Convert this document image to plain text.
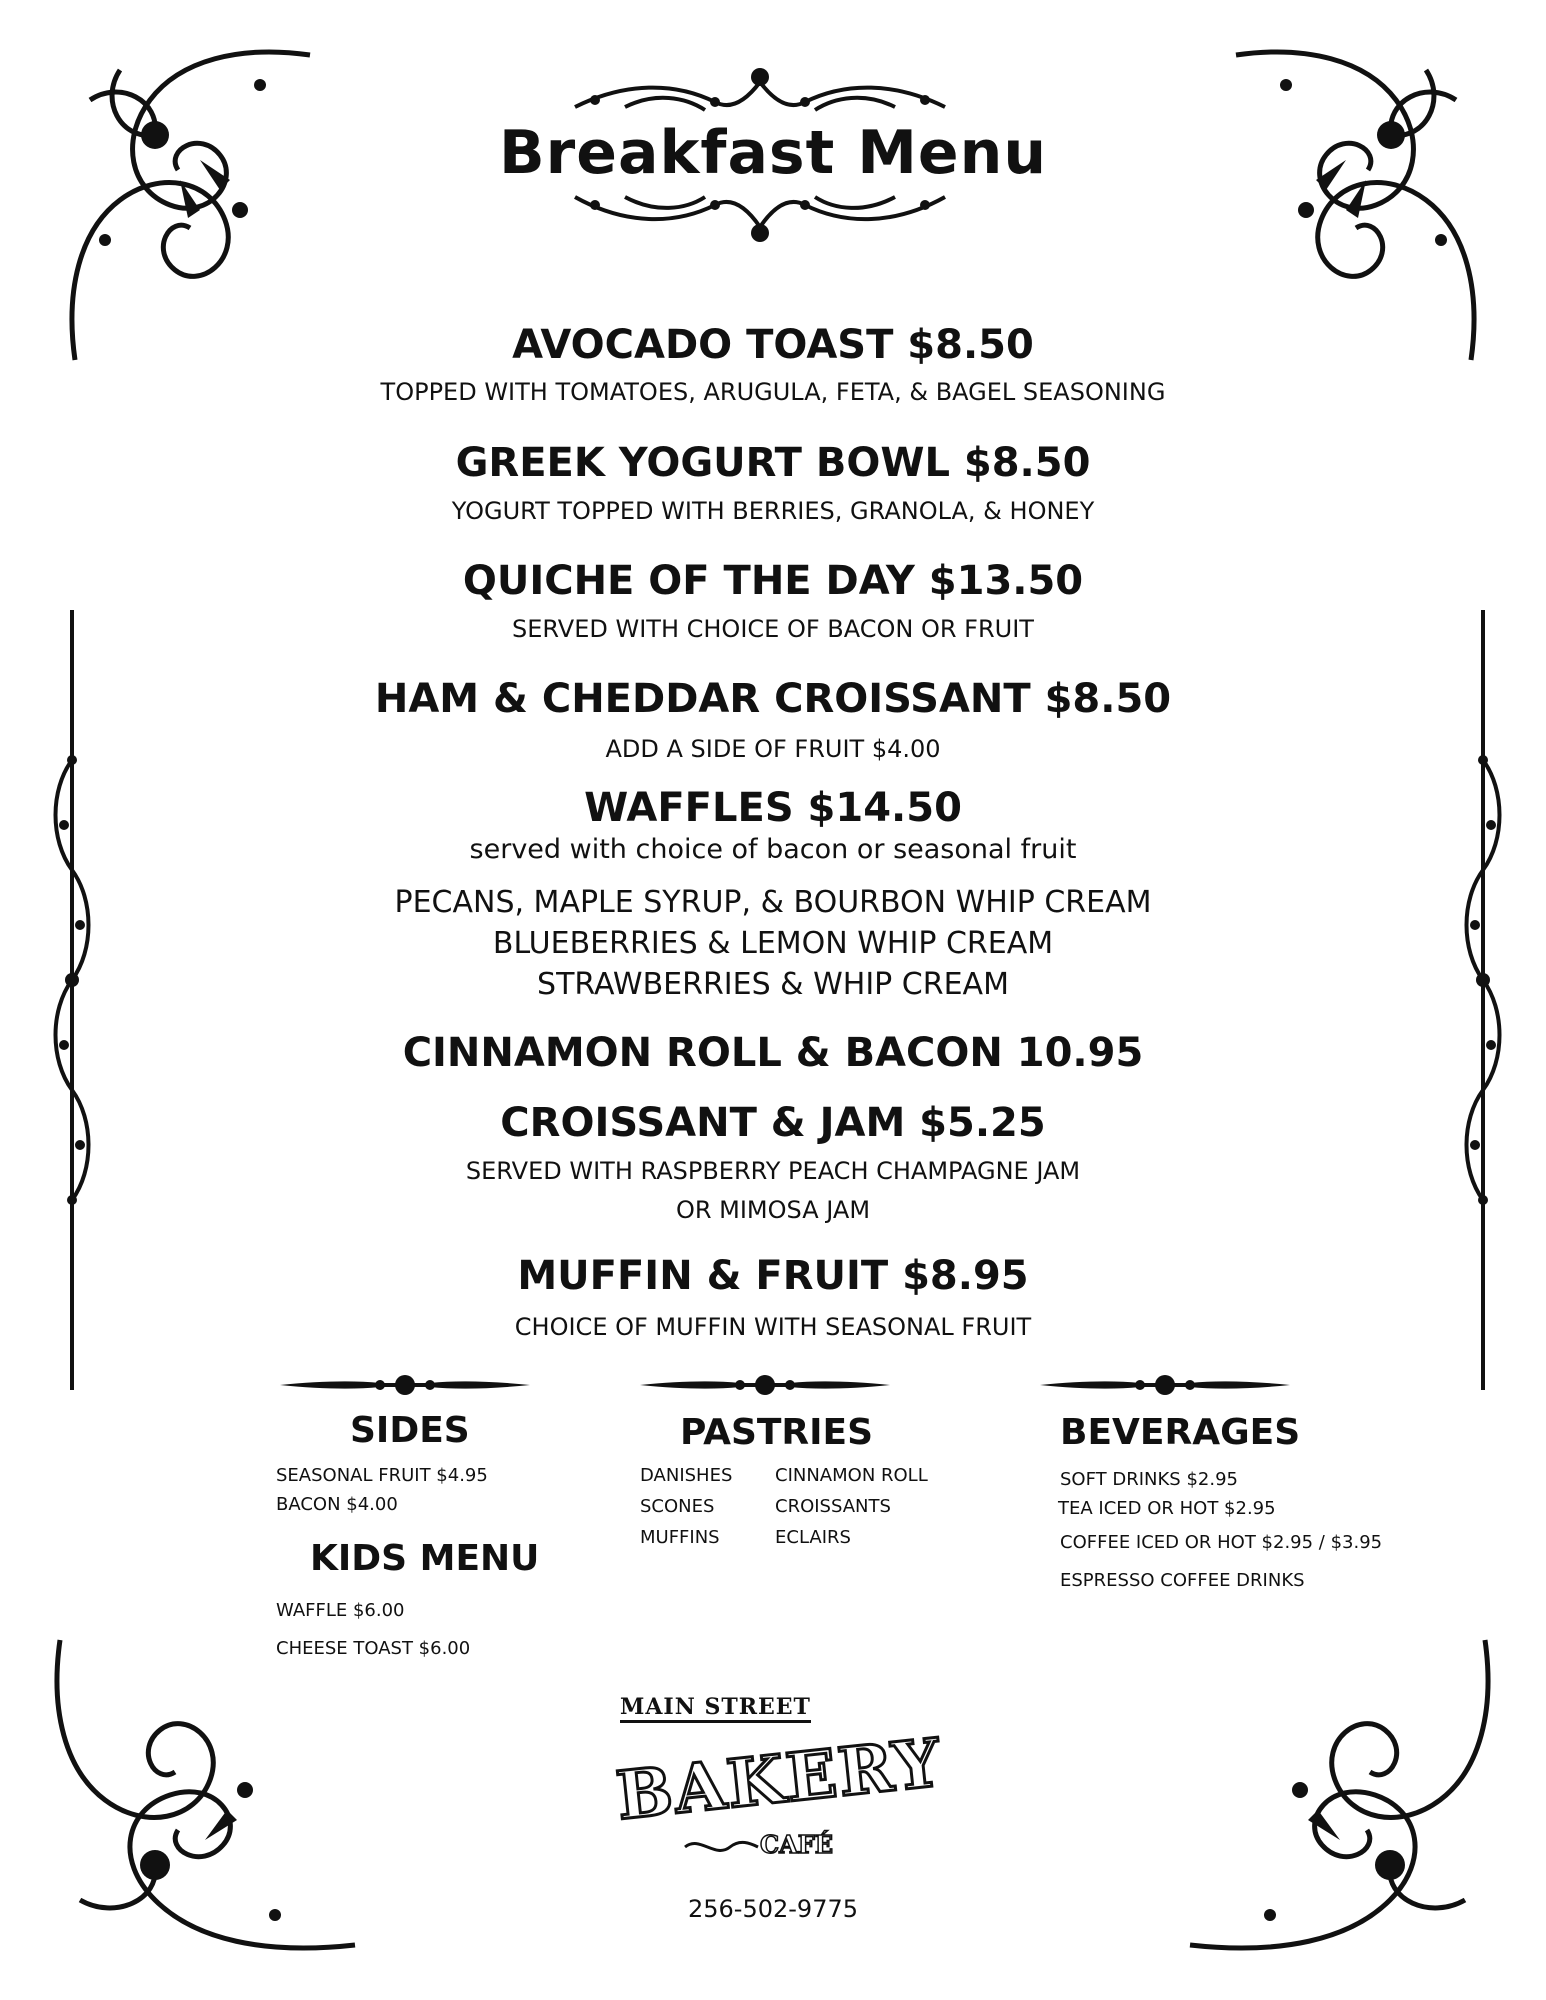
Breakfast Menu
AVOCADO TOAST $8.50
TOPPED WITH TOMATOES, ARUGULA, FETA, & BAGEL SEASONING
GREEK YOGURT BOWL $8.50
YOGURT TOPPED WITH BERRIES, GRANOLA, & HONEY
QUICHE OF THE DAY $13.50
SERVED WITH CHOICE OF BACON OR FRUIT
HAM & CHEDDAR CROISSANT $8.50
ADD A SIDE OF FRUIT $4.00
WAFFLES $14.50
served with choice of bacon or seasonal fruit
PECANS, MAPLE SYRUP, & BOURBON WHIP CREAM
BLUEBERRIES & LEMON WHIP CREAM
STRAWBERRIES & WHIP CREAM
CINNAMON ROLL & BACON 10.95
CROISSANT & JAM $5.25
SERVED WITH RASPBERRY PEACH CHAMPAGNE JAM
OR MIMOSA JAM
MUFFIN & FRUIT $8.95
CHOICE OF MUFFIN WITH SEASONAL FRUIT
SIDES
SEASONAL FRUIT $4.95
BACON $4.00
KIDS MENU
WAFFLE $6.00
CHEESE TOAST $6.00
PASTRIES
DANISHES
SCONES
MUFFINS
CINNAMON ROLL
CROISSANTS
ECLAIRS
BEVERAGES
SOFT DRINKS $2.95
TEA ICED OR HOT $2.95
COFFEE ICED OR HOT $2.95 / $3.95
ESPRESSO COFFEE DRINKS
MAIN STREET
BAKERY
CAFÉ
256-502-9775
